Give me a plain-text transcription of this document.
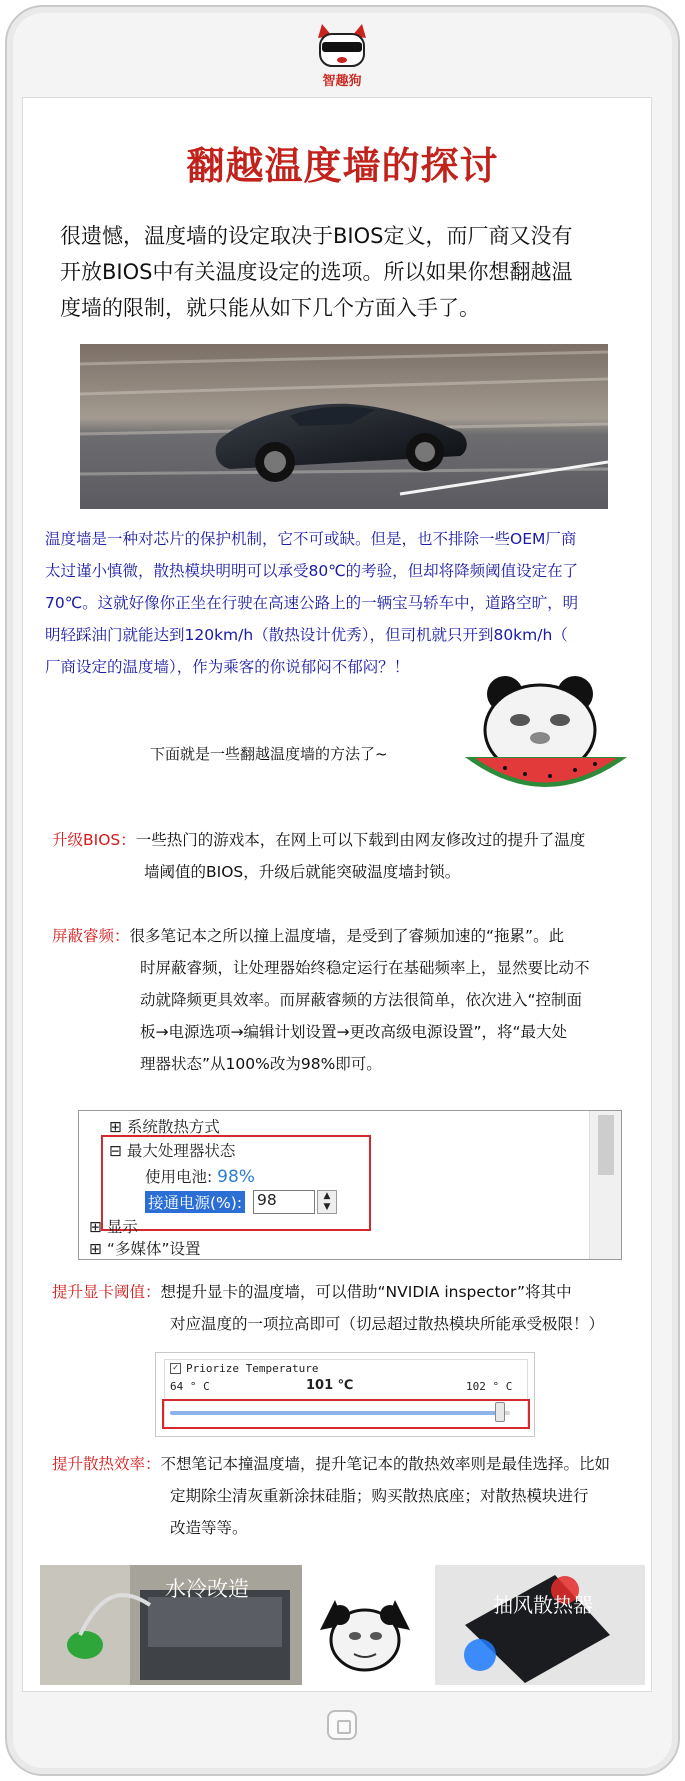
智趣狗
翻越温度墙的探讨
很遗憾，温度墙的设定取决于BIOS定义，而厂商又没有
开放BIOS中有关温度设定的选项。所以如果你想翻越温
度墙的限制，就只能从如下几个方面入手了。
温度墙是一种对芯片的保护机制，它不可或缺。但是，也不排除一些OEM厂商
太过谨小慎微，散热模块明明可以承受80℃的考验，但却将降频阈值设定在了
70℃。这就好像你正坐在行驶在高速公路上的一辆宝马轿车中，道路空旷，明
明轻踩油门就能达到120km/h（散热设计优秀），但司机就只开到80km/h（
厂商设定的温度墙），作为乘客的你说郁闷不郁闷？！
下面就是一些翻越温度墙的方法了~
升级BIOS： 一些热门的游戏本，在网上可以下载到由网友修改过的提升了温度
墙阈值的BIOS，升级后就能突破温度墙封锁。
屏蔽睿频： 很多笔记本之所以撞上温度墙，是受到了睿频加速的“拖累”。此
时屏蔽睿频，让处理器始终稳定运行在基础频率上，显然要比动不
动就降频更具效率。而屏蔽睿频的方法很简单，依次进入“控制面
板→电源选项→编辑计划设置→更改高级电源设置”，将“最大处
理器状态”从100%改为98%即可。
⊞ 系统散热方式
⊟ 最大处理器状态
使用电池: 98%
接通电源(%): 98	▲
▼
⊞ 显示
⊞ “多媒体”设置
提升显卡阈值： 想提升显卡的温度墙，可以借助“NVIDIA inspector”将其中
对应温度的一项拉高即可（切忌超过散热模块所能承受极限！）
✓ Priorize Temperature
64 ° C	101 ℃	102 ° C
提升散热效率： 不想笔记本撞温度墙，提升笔记本的散热效率则是最佳选择。比如
定期除尘清灰重新涂抹硅脂；购买散热底座；对散热模块进行
改造等等。
水冷改造
抽风散热器
